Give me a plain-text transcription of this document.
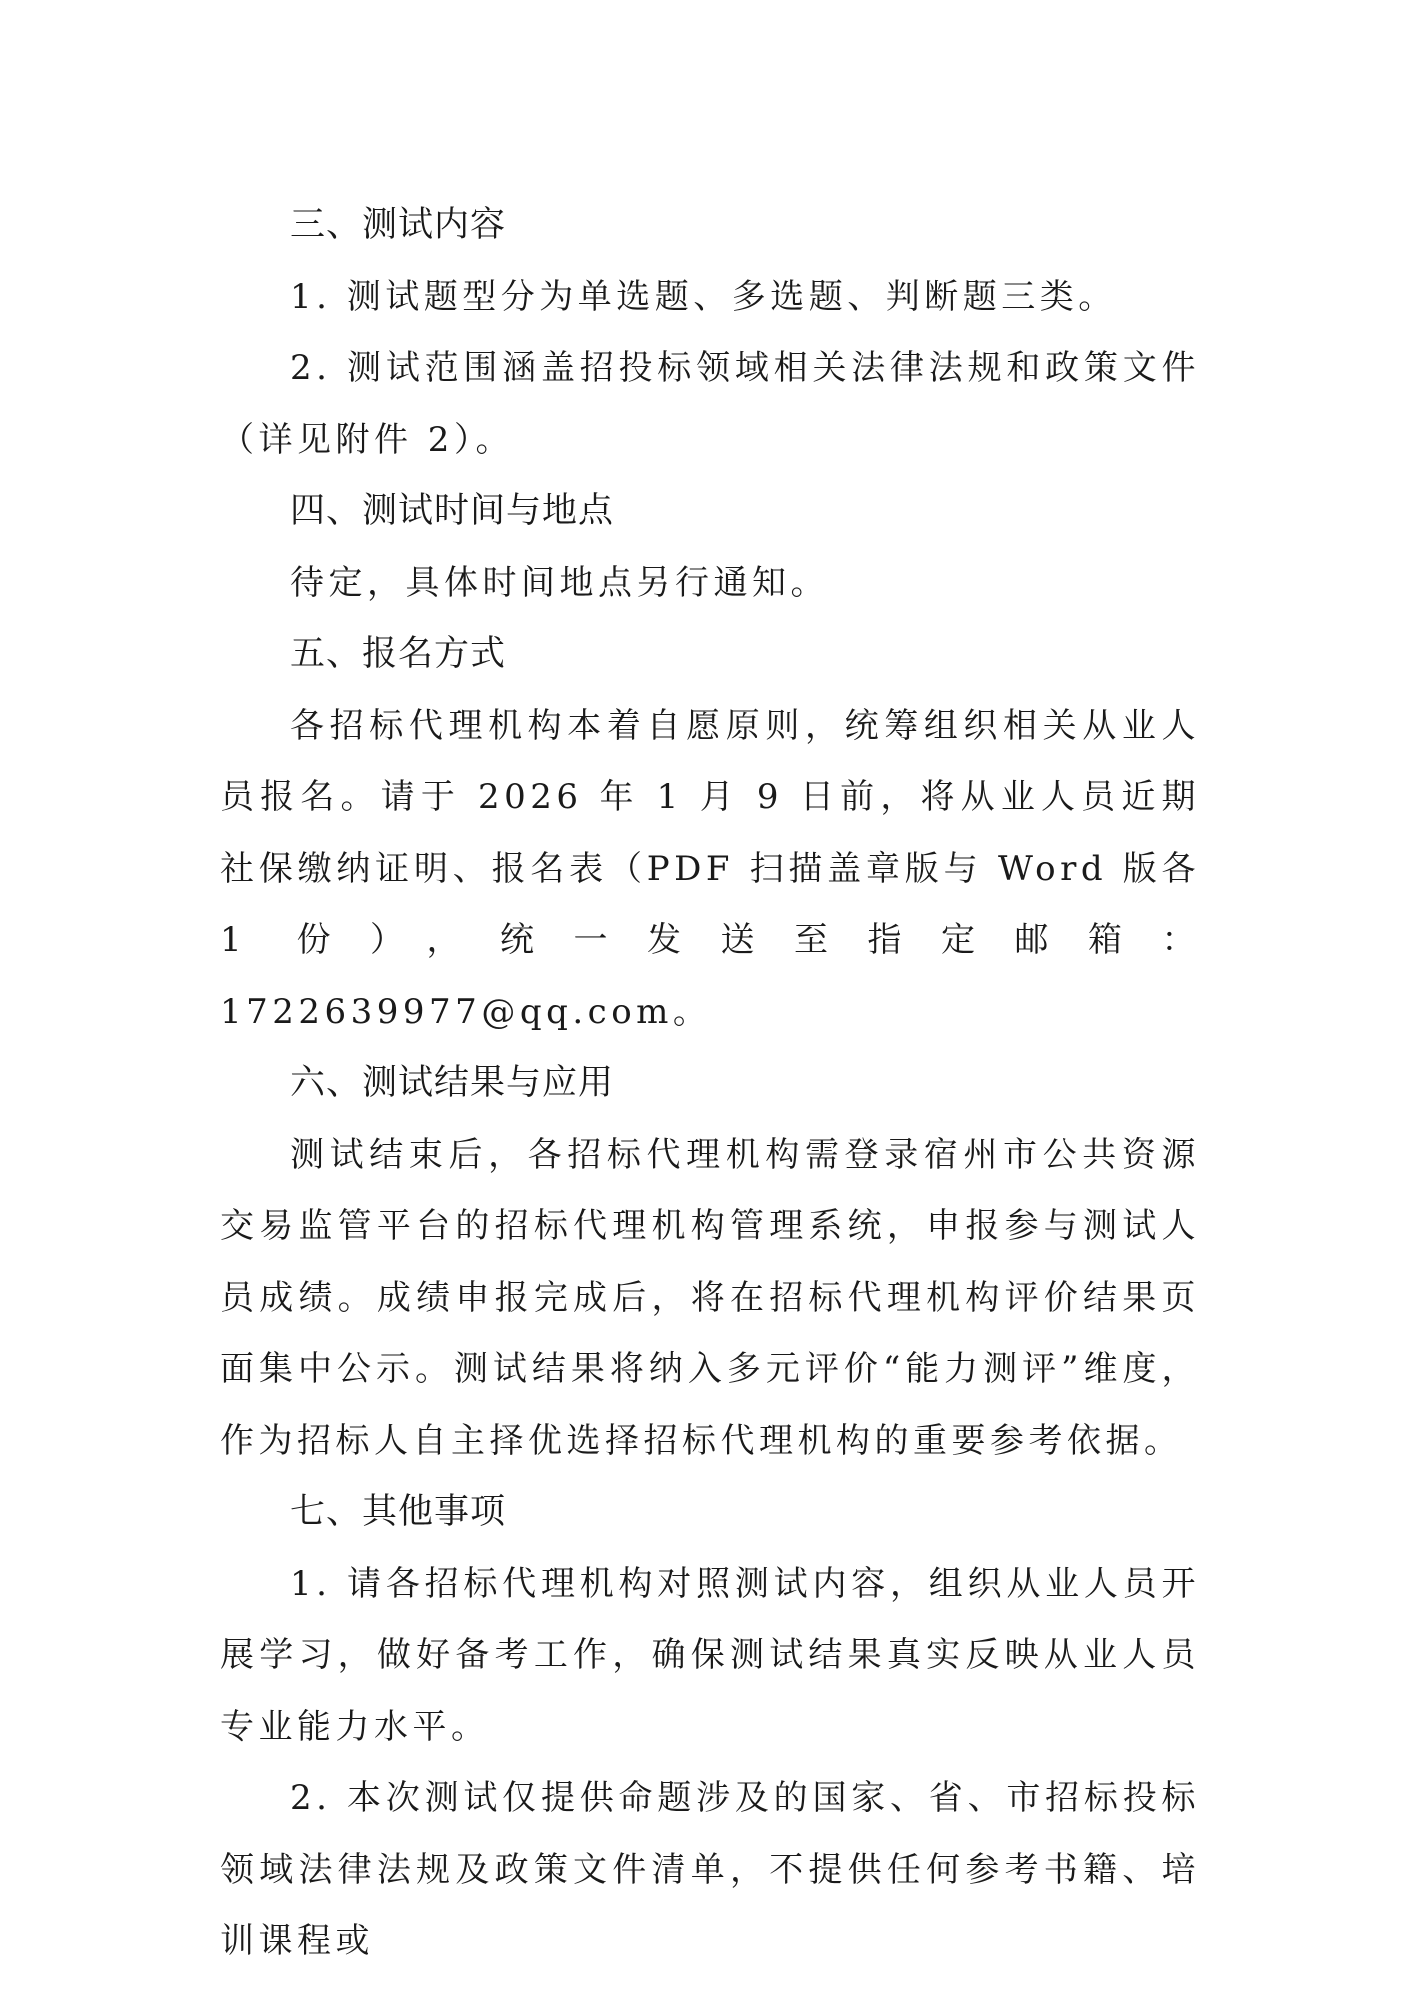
三、测试内容

1. 测试题型分为单选题、多选题、判断题三类。

2. 测试范围涵盖招投标领域相关法律法规和政策文件（详见附件 2）。

四、测试时间与地点

待定，具体时间地点另行通知。

五、报名方式

各招标代理机构本着自愿原则，统筹组织相关从业人员报名。请于 2026 年 1 月 9 日前，将从业人员近期社保缴纳证明、报名表（PDF 扫描盖章版与 Word 版各 1 份），统一发送至指定邮箱：1722639977@qq.com。

六、测试结果与应用

测试结束后，各招标代理机构需登录宿州市公共资源交易监管平台的招标代理机构管理系统，申报参与测试人员成绩。成绩申报完成后，将在招标代理机构评价结果页面集中公示。测试结果将纳入多元评价“能力测评”维度，作为招标人自主择优选择招标代理机构的重要参考依据。

七、其他事项

1. 请各招标代理机构对照测试内容，组织从业人员开展学习，做好备考工作，确保测试结果真实反映从业人员专业能力水平。

2. 本次测试仅提供命题涉及的国家、省、市招标投标领域法律法规及政策文件清单，不提供任何参考书籍、培训课程或
